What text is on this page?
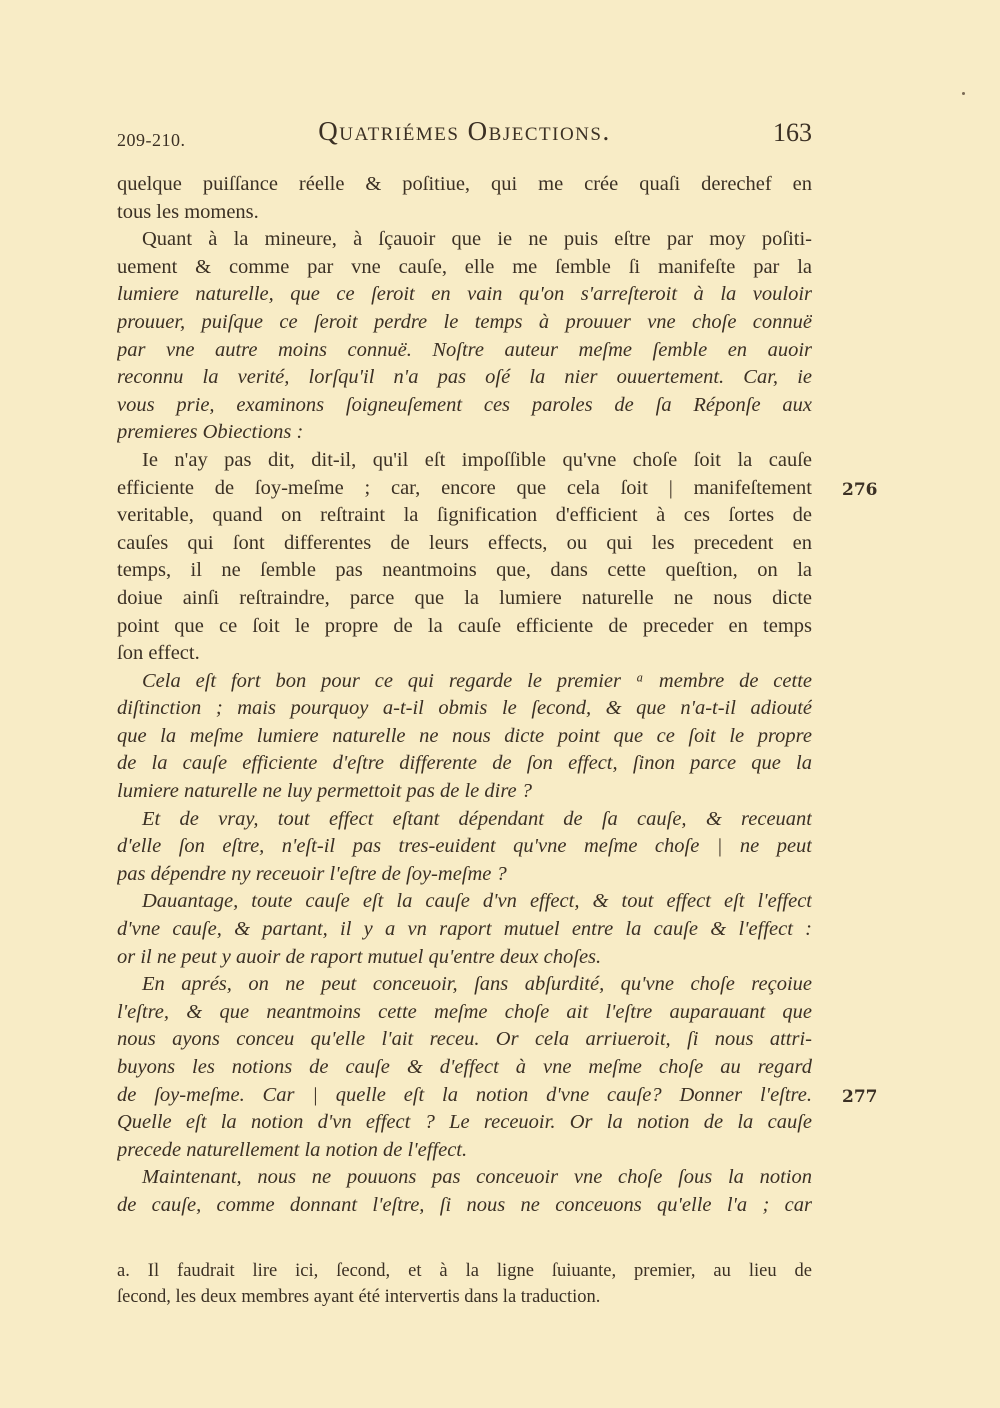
209-210.	Quatriémes Objections.	163
quelque puiſſance réelle & poſitiue, qui me crée quaſi derechef en
tous les momens.
Quant à la mineure, à ſçauoir que ie ne puis eſtre par moy poſiti-
uement & comme par vne cauſe, elle me ſemble ſi manifeſte par la
lumiere naturelle, que ce ſeroit en vain qu'on s'arreſteroit à la vouloir
prouuer, puiſque ce ſeroit perdre le temps à prouuer vne choſe connuë
par vne autre moins connuë. Noſtre auteur meſme ſemble en auoir
reconnu la verité, lorſqu'il n'a pas oſé la nier ouuertement. Car, ie
vous prie, examinons ſoigneuſement ces paroles de ſa Réponſe aux
premieres Obiections :
Ie n'ay pas dit, dit-il, qu'il eſt impoſſible qu'vne choſe ſoit la cauſe
efficiente de ſoy-meſme ; car, encore que cela ſoit | manifeſtement
veritable, quand on reſtraint la ſignification d'efficient à ces ſortes de
cauſes qui ſont differentes de leurs effects, ou qui les precedent en
temps, il ne ſemble pas neantmoins que, dans cette queſtion, on la
doiue ainſi reſtraindre, parce que la lumiere naturelle ne nous dicte
point que ce ſoit le propre de la cauſe efficiente de preceder en temps
ſon effect.
Cela eſt fort bon pour ce qui regarde le premier ᵃ membre de cette
diſtinction ; mais pourquoy a-t-il obmis le ſecond, & que n'a-t-il adiouté
que la meſme lumiere naturelle ne nous dicte point que ce ſoit le propre
de la cauſe efficiente d'eſtre differente de ſon effect, ſinon parce que la
lumiere naturelle ne luy permettoit pas de le dire ?
Et de vray, tout effect eſtant dépendant de ſa cauſe, & receuant
d'elle ſon eſtre, n'eſt-il pas tres-euident qu'vne meſme choſe | ne peut
pas dépendre ny receuoir l'eſtre de ſoy-meſme ?
Dauantage, toute cauſe eſt la cauſe d'vn effect, & tout effect eſt l'effect
d'vne cauſe, & partant, il y a vn raport mutuel entre la cauſe & l'effect :
or il ne peut y auoir de raport mutuel qu'entre deux choſes.
En aprés, on ne peut conceuoir, ſans abſurdité, qu'vne choſe reçoiue
l'eſtre, & que neantmoins cette meſme choſe ait l'eſtre auparauant que
nous ayons conceu qu'elle l'ait receu. Or cela arriueroit, ſi nous attri-
buyons les notions de cauſe & d'effect à vne meſme choſe au regard
de ſoy-meſme. Car | quelle eſt la notion d'vne cauſe? Donner l'eſtre.
Quelle eſt la notion d'vn effect ? Le receuoir. Or la notion de la cauſe
precede naturellement la notion de l'effect.
Maintenant, nous ne pouuons pas conceuoir vne choſe ſous la notion
de cauſe, comme donnant l'eſtre, ſi nous ne conceuons qu'elle l'a ; car
276
277
a. Il faudrait lire ici, ſecond, et à la ligne ſuiuante, premier, au lieu de
ſecond, les deux membres ayant été intervertis dans la traduction.
